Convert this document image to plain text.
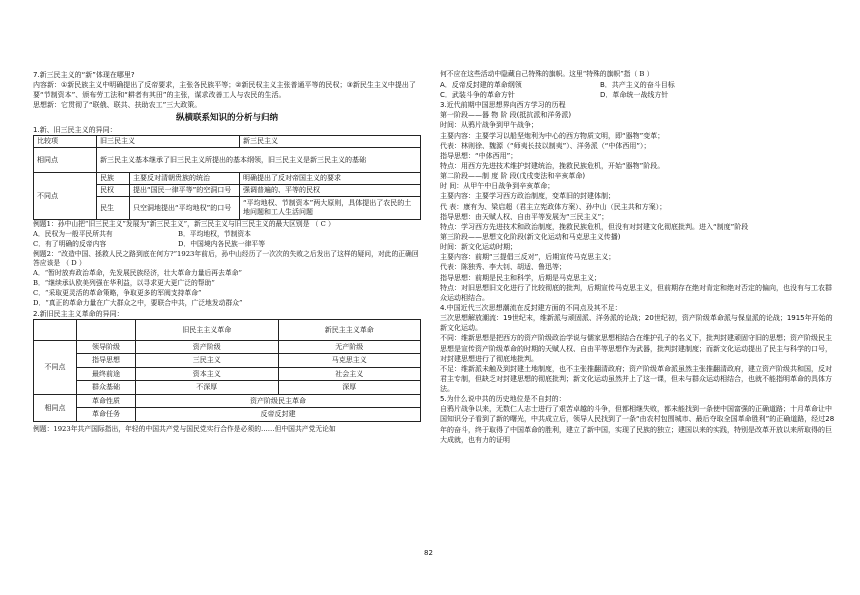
7.新三民主义的“新”体现在哪里?

内容新：①新民族主义中明确提出了反帝要求，主张各民族平等；②新民权主义主张普通平等的民权；③新民生主义中提出了要“节制资本”、颁布劳工法和“耕者有其田”的主张，谋求改善工人与农民的生活。

思想新：它贯彻了“联俄、联共、扶助农工”三大政策。

纵横联系知识的分析与归纳

1.新、旧三民主义的异同：

比较项	旧三民主义	新三民主义
相同点	新三民主义基本继承了旧三民主义所提出的基本纲领，旧三民主义是新三民主义的基础	
不同点	民族 主要反对清朝贵族的统治	明确提出了反对帝国主义的要求

	民权 提出“国民一律平等”的空洞口号	强调普遍的、平等的民权

	民生 只空洞地提出“平均地权”的口号	“平均地权、节制资本”两大原则，具体提出了农民的土地问题和工人生活问题

例题1：孙中山把“旧三民主义”发展为“新三民主义”，新三民主义与旧三民主义的最大区别是 （ C ）

A．民权为一般平民所共有	B．平均地权，节制资本

C．有了明确的反帝内容	D．中国境内各民族一律平等

例题2：“改造中国、拯救人民之路到底在何方?”1923年前后，孙中山经历了一次次的失败之后发出了这样的疑问，对此的正确回答应该是 （ D ）

A．“暂时放弃政治革命，先发展民族经济，壮大革命力量后再去革命”

B．“继续承认欧美列强在华利益，以寻求更大更广泛的帮助”

C．“采取更灵活的革命策略，争取更多的军阀支持革命”

D．“真正的革命力量在广大群众之中，要联合中共，广泛地发动群众”

2.新旧民主主义革命的异同：

		旧民主主义革命	新民主主义革命
不同点	领导阶级	资产阶级	无产阶级
	指导思想	三民主义	马克思主义
	最终前途	资本主义	社会主义
	群众基础	不深厚	深厚
相同点	革命性质	资产阶级民主革命	
	革命任务	反帝反封建	

例题：1923年共产国际指出，年轻的中国共产党与国民党实行合作是必须的……但中国共产党无论如

何不应在这些活动中隐藏自己特殊的旗帜。这里“特殊的旗帜”指（ B ）

A．反帝反封建的革命纲领	B．共产主义的奋斗目标

C．武装斗争的革命方针	D．革命统一战线方针

3.近代前期中国思想界向西方学习的历程

第一阶段——器 物 阶 段(抵抗派和洋务派)

时间：从鸦片战争到甲午战争；

主要内容：主要学习以船坚炮利为中心的西方物质文明，即“器物”变革；

代表：林则徐、魏源（“师夷长技以制夷”）、洋务派（“中体西用”）；

指导思想：“中体西用”；

特点：用西方先进技术维护封建统治，挽救民族危机，开始“器物”阶段。

第二阶段——制 度 阶 段(戊戌变法和辛亥革命)

时 间：从甲午中日战争到辛亥革命；

主要内容：主要学习西方政治制度，变革旧的封建体制；

代 表：康有为、梁启超（君主立宪政体方案）、孙中山（民主共和方案）；

指导思想：由天赋人权、自由平等发展为“三民主义”；

特点：学习西方先进技术和政治制度，挽救民族危机，但没有对封建文化彻底批判。进入“制度”阶段

第三阶段——思想文化阶段(新文化运动和马克思主义传播)

时间：新文化运动时期；

主要内容：前期“三提倡三反对”，后期宣传马克思主义；

代表：陈独秀、李大钊、胡适、鲁迅等；

指导思想：前期是民主和科学，后期是马克思主义；

特点：对旧思想旧文化进行了比较彻底的批判，后期宣传马克思主义，但前期存在绝对肯定和绝对否定的偏向，也没有与工农群众运动相结合。

4.中国近代三次思想潮流在反封建方面的不同点及其不足：

三次思想解放潮流：19世纪末，维新派与顽固派、洋务派的论战；20世纪初，资产阶级革命派与保皇派的论战；1915年开始的新文化运动。

不同：维新思想是把西方的资产阶级政治学说与儒家思想相结合在维护孔子的名义下，批判封建顽固守旧的思想；资产阶级民主思想是宣传资产阶级革命的时期的天赋人权、自由平等思想作为武器，批判封建制度；而新文化运动提出了民主与科学的口号，对封建思想进行了彻底地批判。

不足：维新派未触及到封建土地制度，也不主张推翻清政府；资产阶级革命派虽然主张推翻清政府，建立资产阶级共和国，反对君主专制，但缺乏对封建思想的彻底批判；新文化运动虽然并上了这一课，但未与群众运动相结合，也就不能指明革命的具体方法。

5.为什么说中共的历史地位是不自封的：

自鸦片战争以来，无数仁人志士进行了艰苦卓越的斗争，但都相继失败，都未能找到一条使中国富强的正确道路；十月革命让中国知识分子看到了新的曙光，中共成立后，领导人民找到了一条“由农村包围城市、最后夺取全国革命胜利”的正确道路，经过28年的奋斗，终于取得了中国革命的胜利，建立了新中国，实现了民族的独立；建国以来的实践，特别是改革开放以来所取得的巨大成就，也有力的证明

82
